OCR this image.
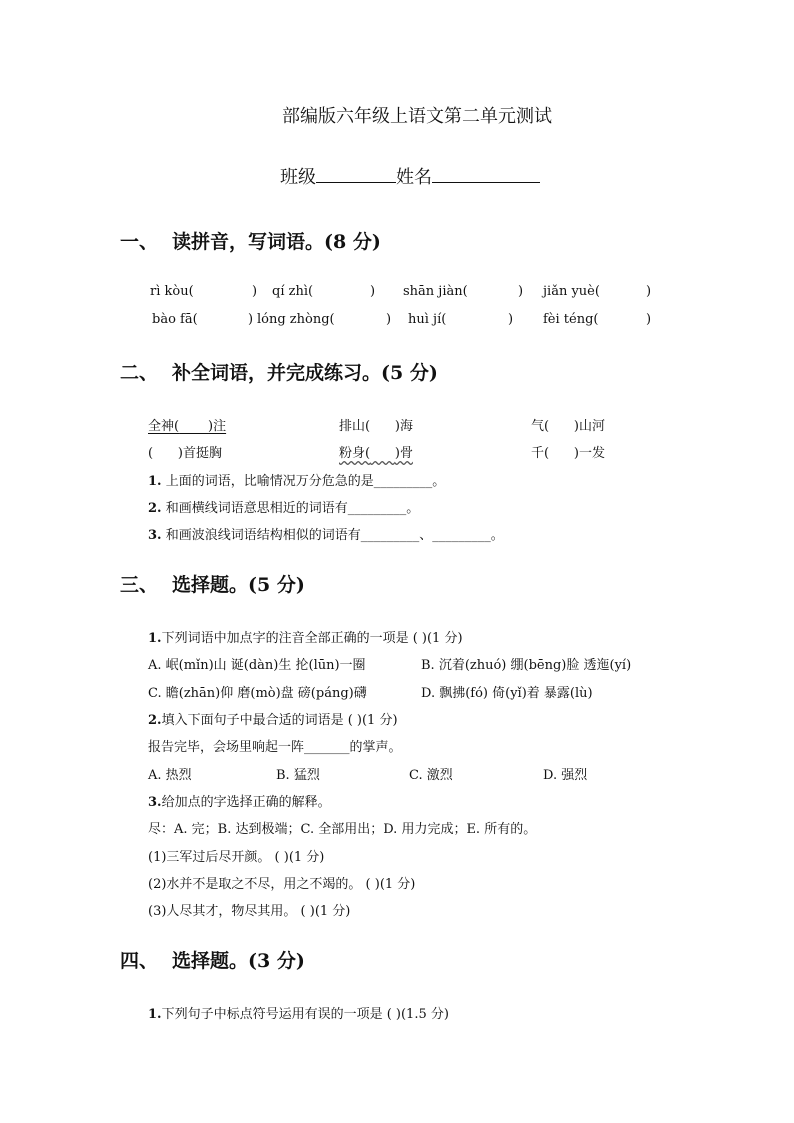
部编版六年级上语文第二单元测试
班级	姓名
一、 读拼音，写词语。(8 分)
rì kòu(	) qí zhì(	) shān jiàn(	) jiǎn yuè(	)
bào fā(	) lóng zhòng(	) huì jí(	) fèi téng(	)
二、 补全词语，并完成练习。(5 分)
全神( )注	排山( )海	气( )山河
( )首挺胸	粉身( )骨	千( )一发
1. 上面的词语，比喻情况万分危急的是_________。
2. 和画横线词语意思相近的词语有_________。
3. 和画波浪线词语结构相似的词语有_________、_________。
三、 选择题。(5 分)
1.下列词语中加点字的注音全部正确的一项是 ( )(1 分)
A. 岷(mǐn)山 诞(dàn)生 抡(lūn)一圈	B. 沉着(zhuó) 绷(bēng)脸 透迤(yí)
C. 瞻(zhān)仰 磨(mò)盘 磅(páng)礴	D. 飘拂(fó) 倚(yǐ)着 暴露(lù)
2.填入下面句子中最合适的词语是 ( )(1 分)
报告完毕，会场里响起一阵_______的掌声。
A. 热烈	B. 猛烈	C. 激烈	D. 强烈
3.给加点的字选择正确的解释。
尽：A. 完；B. 达到极端；C. 全部用出；D. 用力完成；E. 所有的。
(1)三军过后尽开颜。 ( )(1 分)
(2)水并不是取之不尽，用之不竭的。 ( )(1 分)
(3)人尽其才，物尽其用。 ( )(1 分)
四、 选择题。(3 分)
1.下列句子中标点符号运用有误的一项是 ( )(1.5 分)
